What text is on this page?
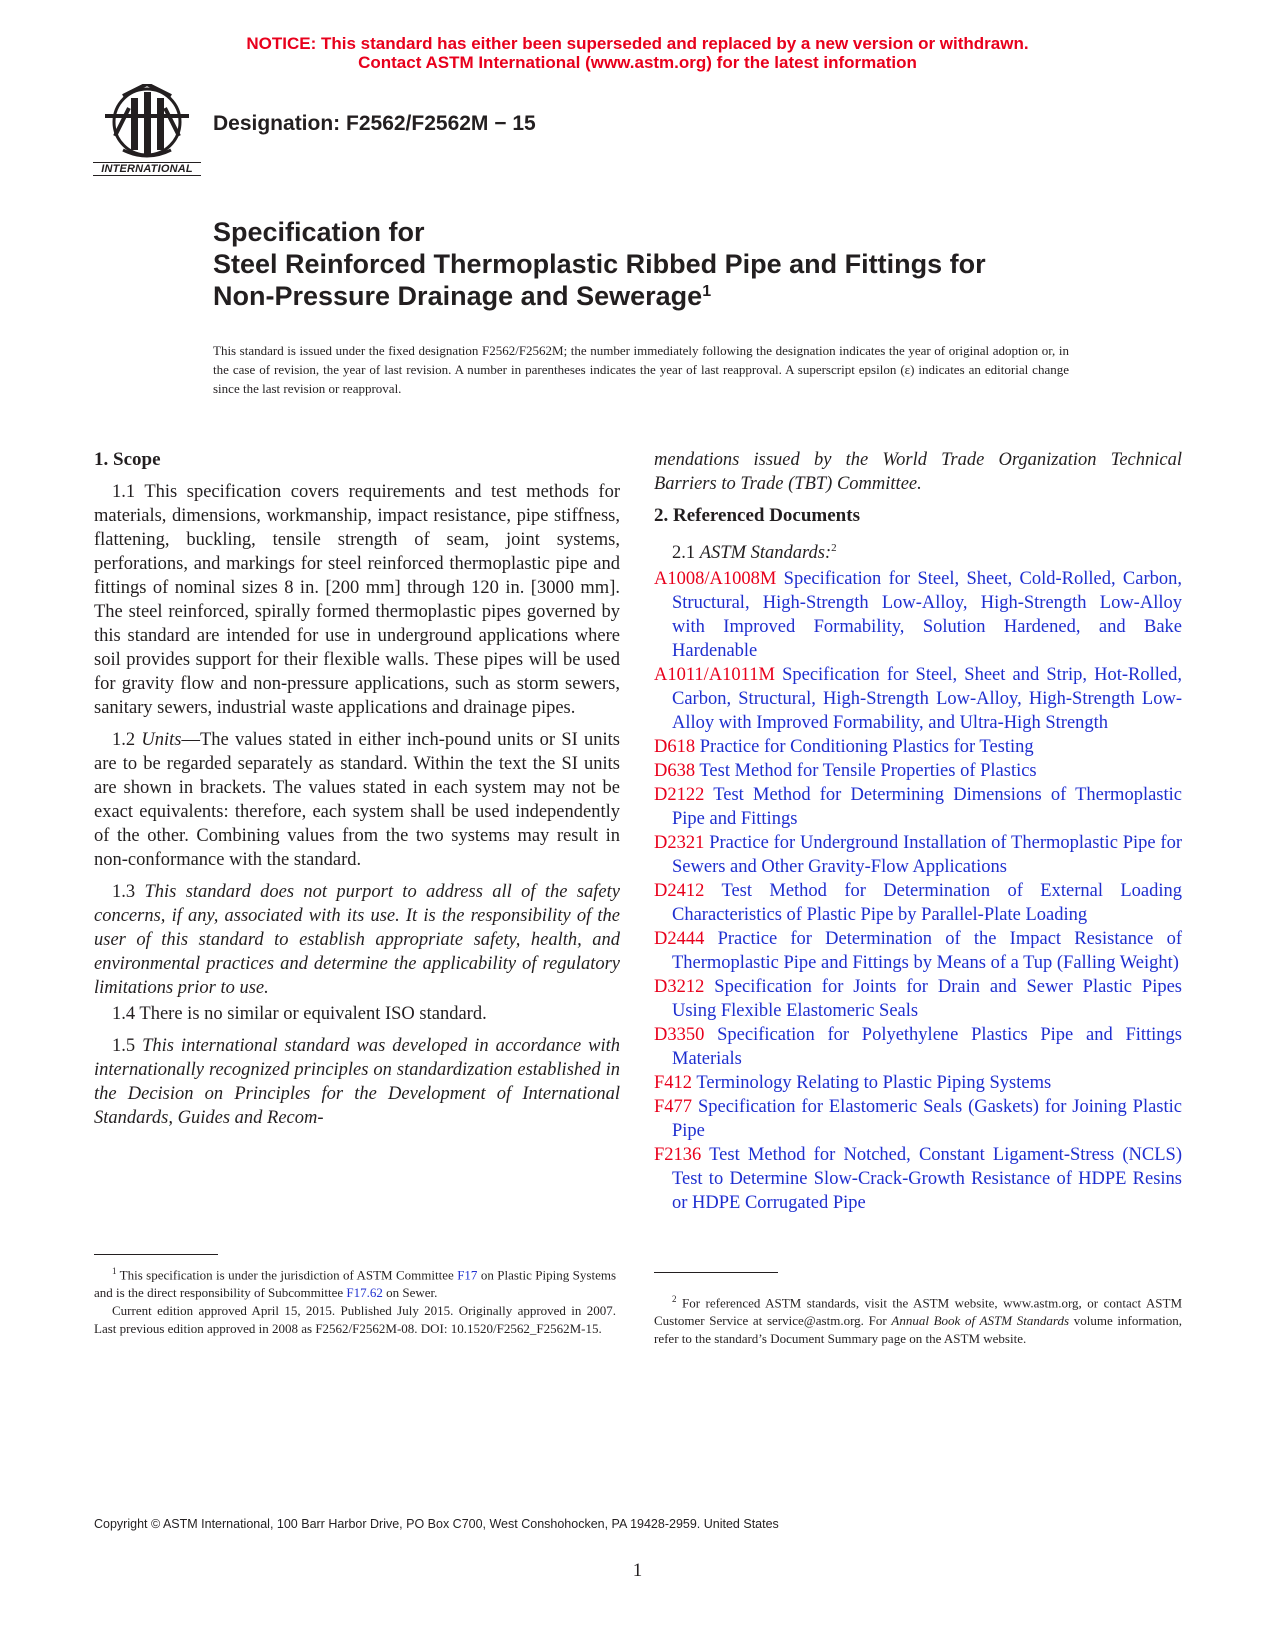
NOTICE: This standard has either been superseded and replaced by a new version or withdrawn.
Contact ASTM International (www.astm.org) for the latest information
INTERNATIONAL
Designation: F2562/F2562M − 15
Specification for
Steel Reinforced Thermoplastic Ribbed Pipe and Fittings for
Non-Pressure Drainage and Sewerage$^1$
This standard is issued under the fixed designation F2562/F2562M; the number immediately following the designation indicates the year of original adoption or, in the case of revision, the year of last revision. A number in parentheses indicates the year of last reapproval. A superscript epsilon (ε) indicates an editorial change since the last revision or reapproval.
1. Scope

1.1 This specification covers requirements and test methods for materials, dimensions, workmanship, impact resistance, pipe stiffness, flattening, buckling, tensile strength of seam, joint systems, perforations, and markings for steel reinforced thermoplastic pipe and fittings of nominal sizes 8 in. [200 mm] through 120 in. [3000 mm]. The steel reinforced, spirally formed thermoplastic pipes governed by this standard are intended for use in underground applications where soil provides support for their flexible walls. These pipes will be used for gravity flow and non-pressure applications, such as storm sewers, sanitary sewers, industrial waste applications and drainage pipes.

1.2 Units—The values stated in either inch-pound units or SI units are to be regarded separately as standard. Within the text the SI units are shown in brackets. The values stated in each system may not be exact equivalents: therefore, each system shall be used independently of the other. Combining values from the two systems may result in non-conformance with the standard.

1.3 This standard does not purport to address all of the safety concerns, if any, associated with its use. It is the responsibility of the user of this standard to establish appropriate safety, health, and environmental practices and determine the applicability of regulatory limitations prior to use.

1.4 There is no similar or equivalent ISO standard.

1.5 This international standard was developed in accordance with internationally recognized principles on standardization established in the Decision on Principles for the Development of International Standards, Guides and Recom-

mendations issued by the World Trade Organization Technical Barriers to Trade (TBT) Committee.

2. Referenced Documents

2.1 ASTM Standards:$^2$

A1008/A1008M Specification for Steel, Sheet, Cold-Rolled, Carbon, Structural, High-Strength Low-Alloy, High-Strength Low-Alloy with Improved Formability, Solution Hardened, and Bake Hardenable

A1011/A1011M Specification for Steel, Sheet and Strip, Hot-Rolled, Carbon, Structural, High-Strength Low-Alloy, High-Strength Low-Alloy with Improved Formability, and Ultra-High Strength

D618 Practice for Conditioning Plastics for Testing

D638 Test Method for Tensile Properties of Plastics

D2122 Test Method for Determining Dimensions of Thermoplastic Pipe and Fittings

D2321 Practice for Underground Installation of Thermoplastic Pipe for Sewers and Other Gravity-Flow Applications

D2412 Test Method for Determination of External Loading Characteristics of Plastic Pipe by Parallel-Plate Loading

D2444 Practice for Determination of the Impact Resistance of Thermoplastic Pipe and Fittings by Means of a Tup (Falling Weight)

D3212 Specification for Joints for Drain and Sewer Plastic Pipes Using Flexible Elastomeric Seals

D3350 Specification for Polyethylene Plastics Pipe and Fittings Materials

F412 Terminology Relating to Plastic Piping Systems

F477 Specification for Elastomeric Seals (Gaskets) for Joining Plastic Pipe

F2136 Test Method for Notched, Constant Ligament-Stress (NCLS) Test to Determine Slow-Crack-Growth Resistance of HDPE Resins or HDPE Corrugated Pipe

$^1$ This specification is under the jurisdiction of ASTM Committee F17 on Plastic Piping Systems and is the direct responsibility of Subcommittee F17.62 on Sewer.

Current edition approved April 15, 2015. Published July 2015. Originally approved in 2007. Last previous edition approved in 2008 as F2562/F2562M-08. DOI: 10.1520/F2562_F2562M-15.

$^2$ For referenced ASTM standards, visit the ASTM website, www.astm.org, or contact ASTM Customer Service at service@astm.org. For Annual Book of ASTM Standards volume information, refer to the standard’s Document Summary page on the ASTM website.

Copyright © ASTM International, 100 Barr Harbor Drive, PO Box C700, West Conshohocken, PA 19428-2959. United States
1
